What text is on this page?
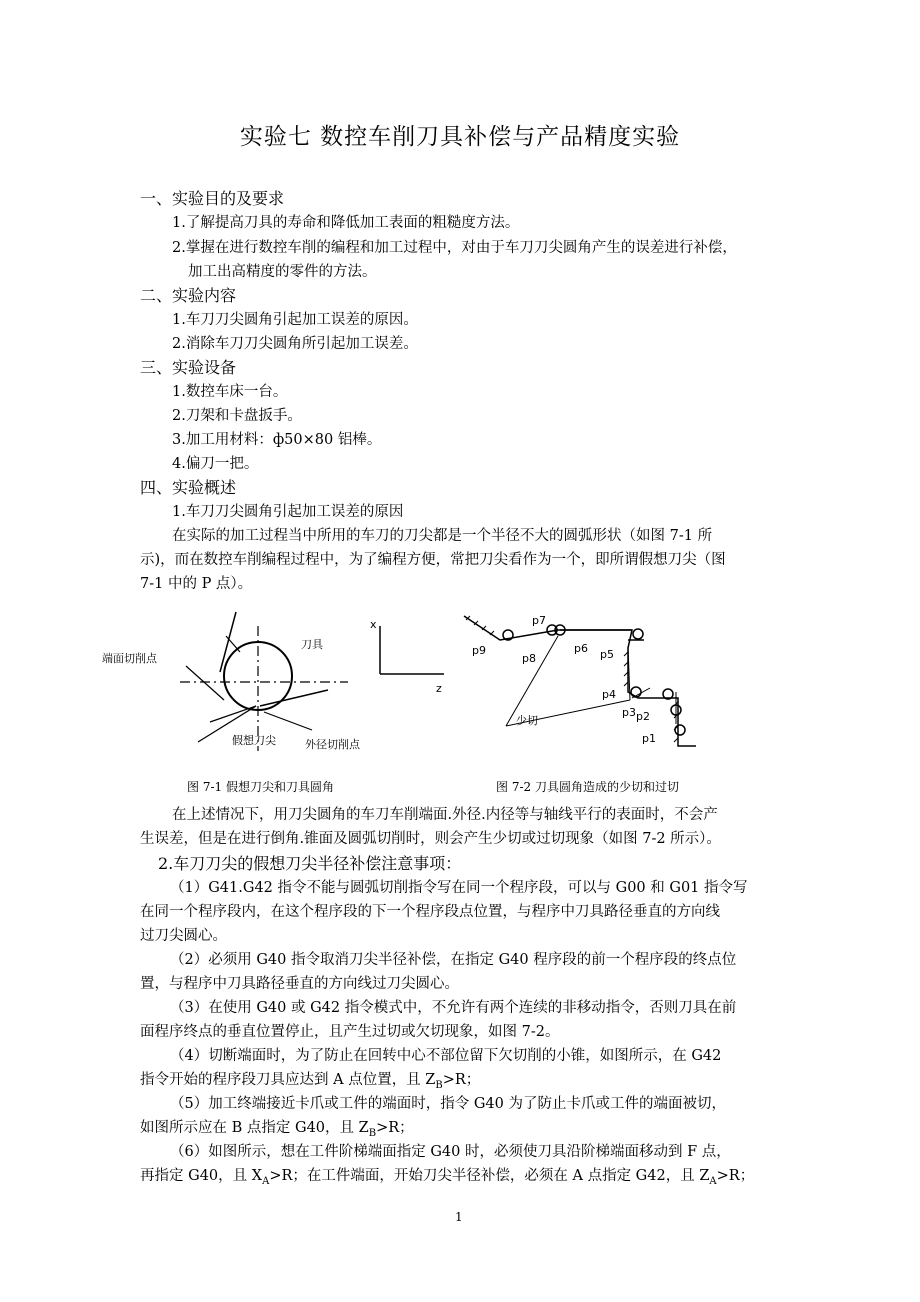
实验七 数控车削刀具补偿与产品精度实验
一、实验目的及要求
1.了解提高刀具的寿命和降低加工表面的粗糙度方法。
2.掌握在进行数控车削的编程和加工过程中，对由于车刀刀尖圆角产生的误差进行补偿，
加工出高精度的零件的方法。
二、实验内容
1.车刀刀尖圆角引起加工误差的原因。
2.消除车刀刀尖圆角所引起加工误差。
三、实验设备
1.数控车床一台。
2.刀架和卡盘扳手。
3.加工用材料：ф50×80 铝棒。
4.偏刀一把。
四、实验概述
1.车刀刀尖圆角引起加工误差的原因
在实际的加工过程当中所用的车刀的刀尖都是一个半径不大的圆弧形状（如图 7-1 所
示)，而在数控车削编程过程中，为了编程方便，常把刀尖看作为一个，即所谓假想刀尖（图
7-1 中的 P 点）。
刀具
端面切削点
假想刀尖	外径切削点
x
z
p7
p9
p8
p6 p5
p4
p3 p2
p1
少切
图 7-1 假想刀尖和刀具圆角	图 7-2 刀具圆角造成的少切和过切
在上述情况下，用刀尖圆角的车刀车削端面.外径.内径等与轴线平行的表面时，不会产
生误差，但是在进行倒角.锥面及圆弧切削时，则会产生少切或过切现象（如图 7-2 所示）。
2.车刀刀尖的假想刀尖半径补偿注意事项：
（1）G41.G42 指令不能与圆弧切削指令写在同一个程序段，可以与 G00 和 G01 指令写
在同一个程序段内，在这个程序段的下一个程序段点位置，与程序中刀具路径垂直的方向线
过刀尖圆心。
（2）必须用 G40 指令取消刀尖半径补偿，在指定 G40 程序段的前一个程序段的终点位
置，与程序中刀具路径垂直的方向线过刀尖圆心。
（3）在使用 G40 或 G42 指令模式中，不允许有两个连续的非移动指令，否则刀具在前
面程序终点的垂直位置停止，且产生过切或欠切现象，如图 7-2。
（4）切断端面时，为了防止在回转中心不部位留下欠切削的小锥，如图所示，在 G42
指令开始的程序段刀具应达到 A 点位置，且 $Z_B>R$；
（5）加工终端接近卡爪或工件的端面时，指令 G40 为了防止卡爪或工件的端面被切，
如图所示应在 B 点指定 G40，且 $Z_B>R$；
（6）如图所示，想在工件阶梯端面指定 G40 时，必须使刀具沿阶梯端面移动到 F 点，
再指定 G40，且 $X_A>R$；在工件端面，开始刀尖半径补偿，必须在 A 点指定 G42，且 $Z_A>R$；
1
